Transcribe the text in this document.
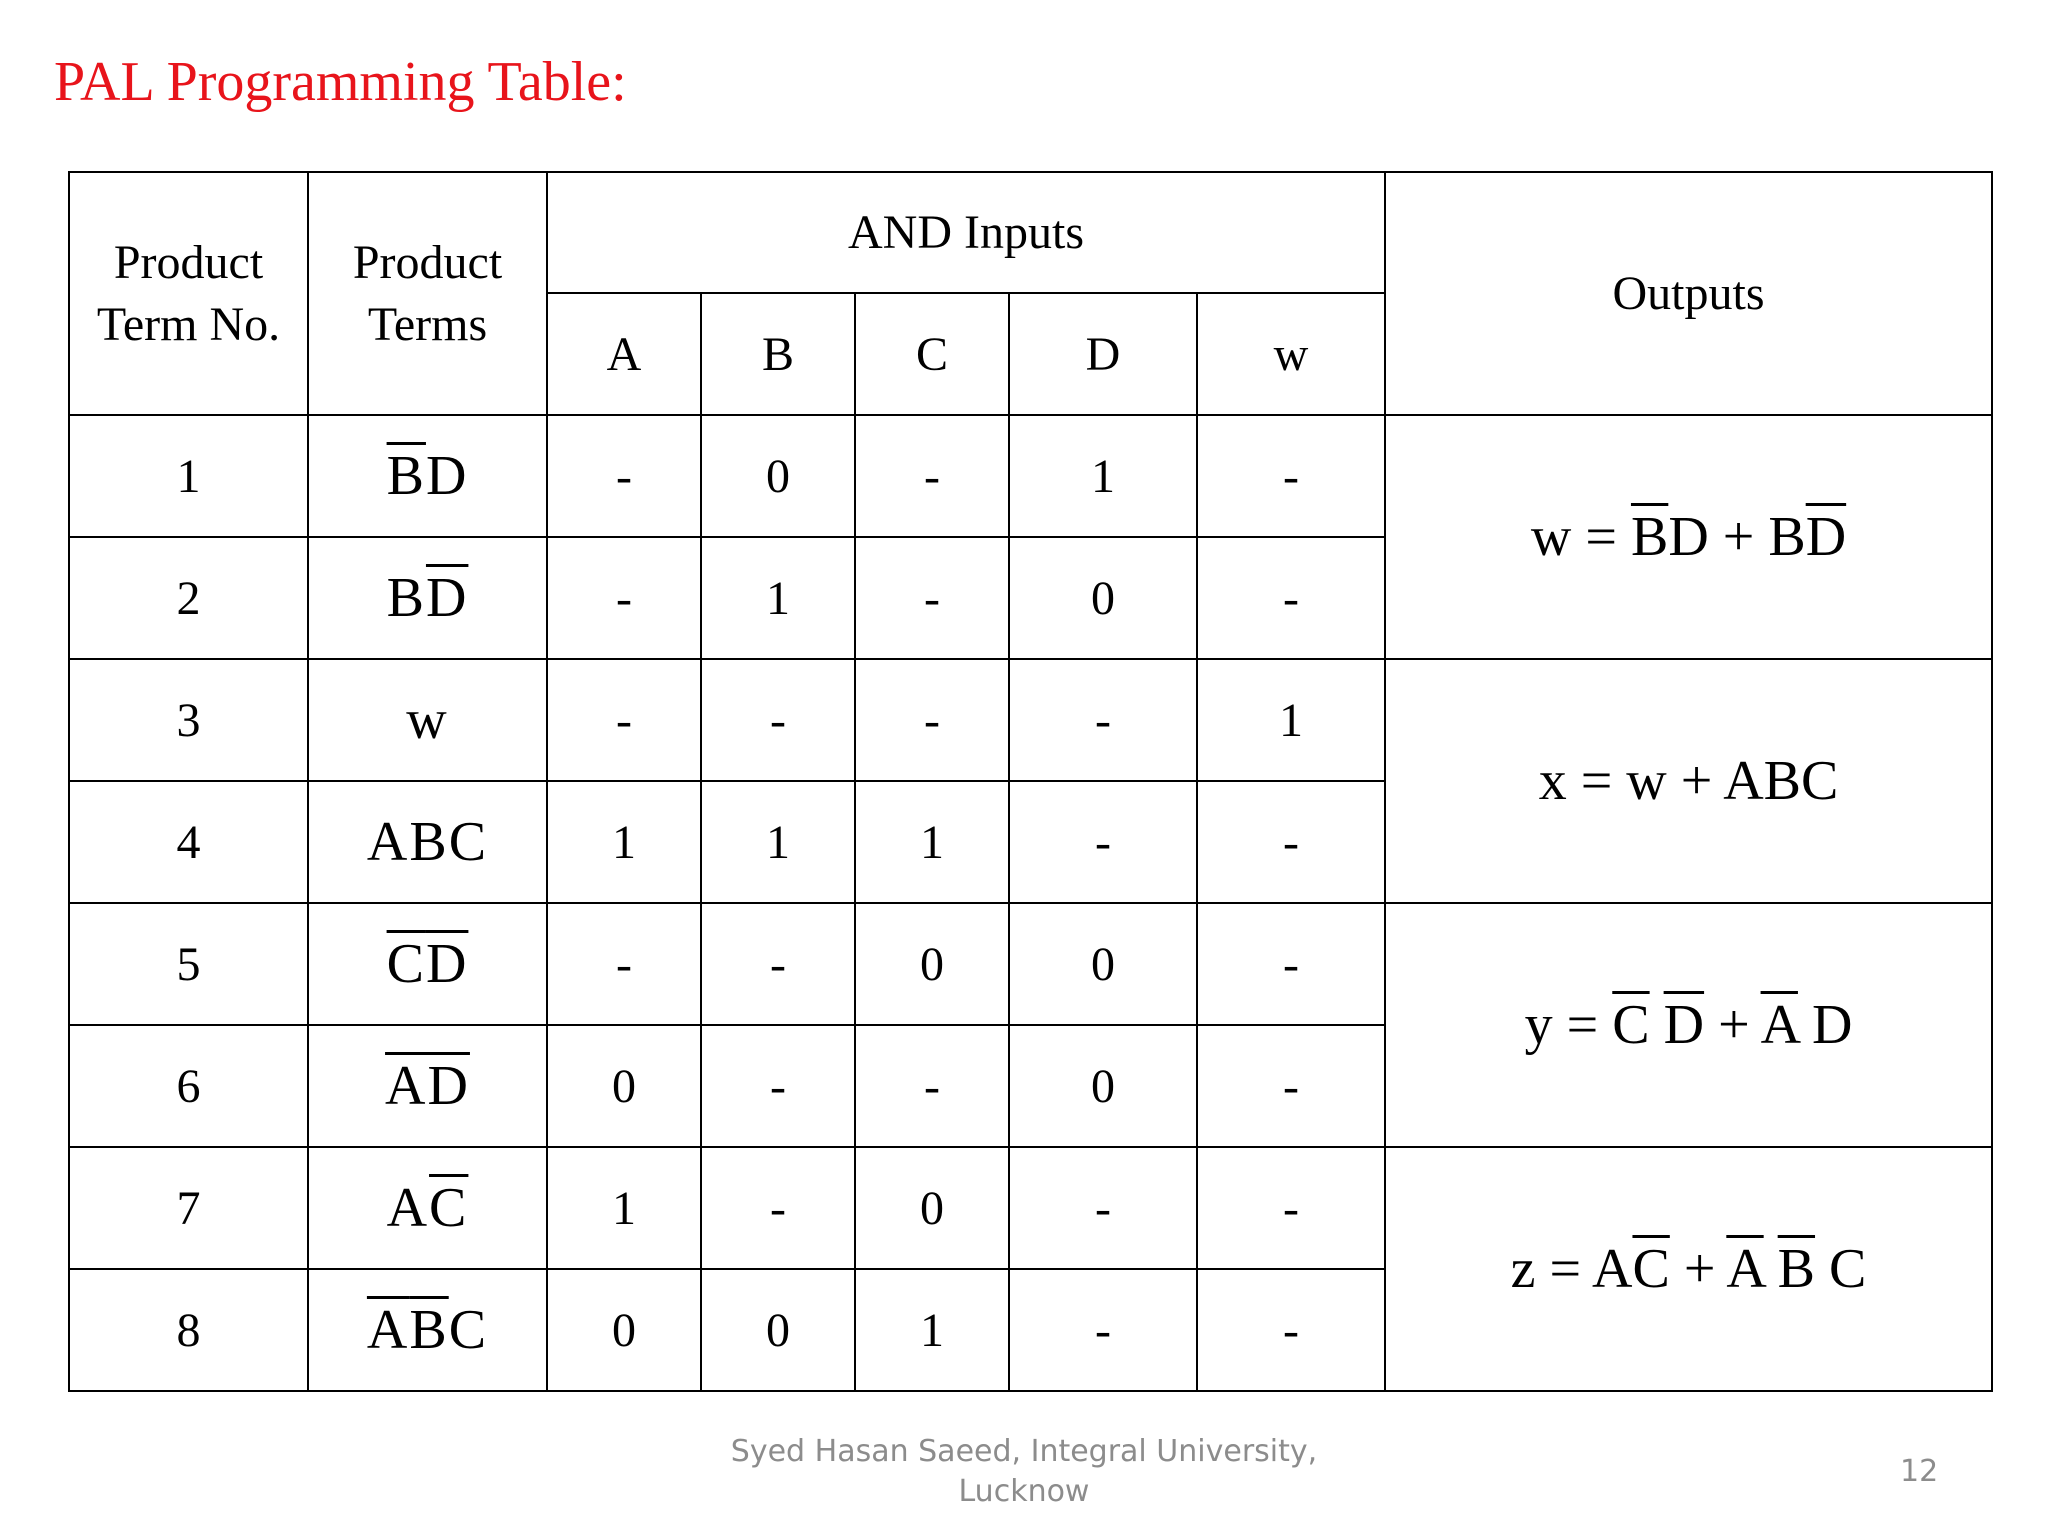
PAL Programming Table:
Product
Term No.	Product
Terms	AND Inputs					Outputs
		A	B	C	D	w	
1	$\overline{B}D$	-	0	-	1	-	$w = \overline{B}D + B\overline{D}$
2	$B\overline{D}$	-	1	-	0	-	
3	w	-	-	-	-	1	x = w + ABC
4	ABC	1	1	1	-	-	
5	$\overline{C}\overline{D}$	-	-	0	0	-	$y = \overline{C}$ $\overline{D} + \overline{A}$ D
6	$\overline{A}\overline{D}$	0	-	-	0	-	
7	$A\overline{C}$	1	-	0	-	-	$z = A\overline{C} + \overline{A}$ $\overline{B}$ C
8	$\overline{A}\overline{B}C$	0	0	1	-	-	
Syed Hasan Saeed, Integral University,
Lucknow
12
